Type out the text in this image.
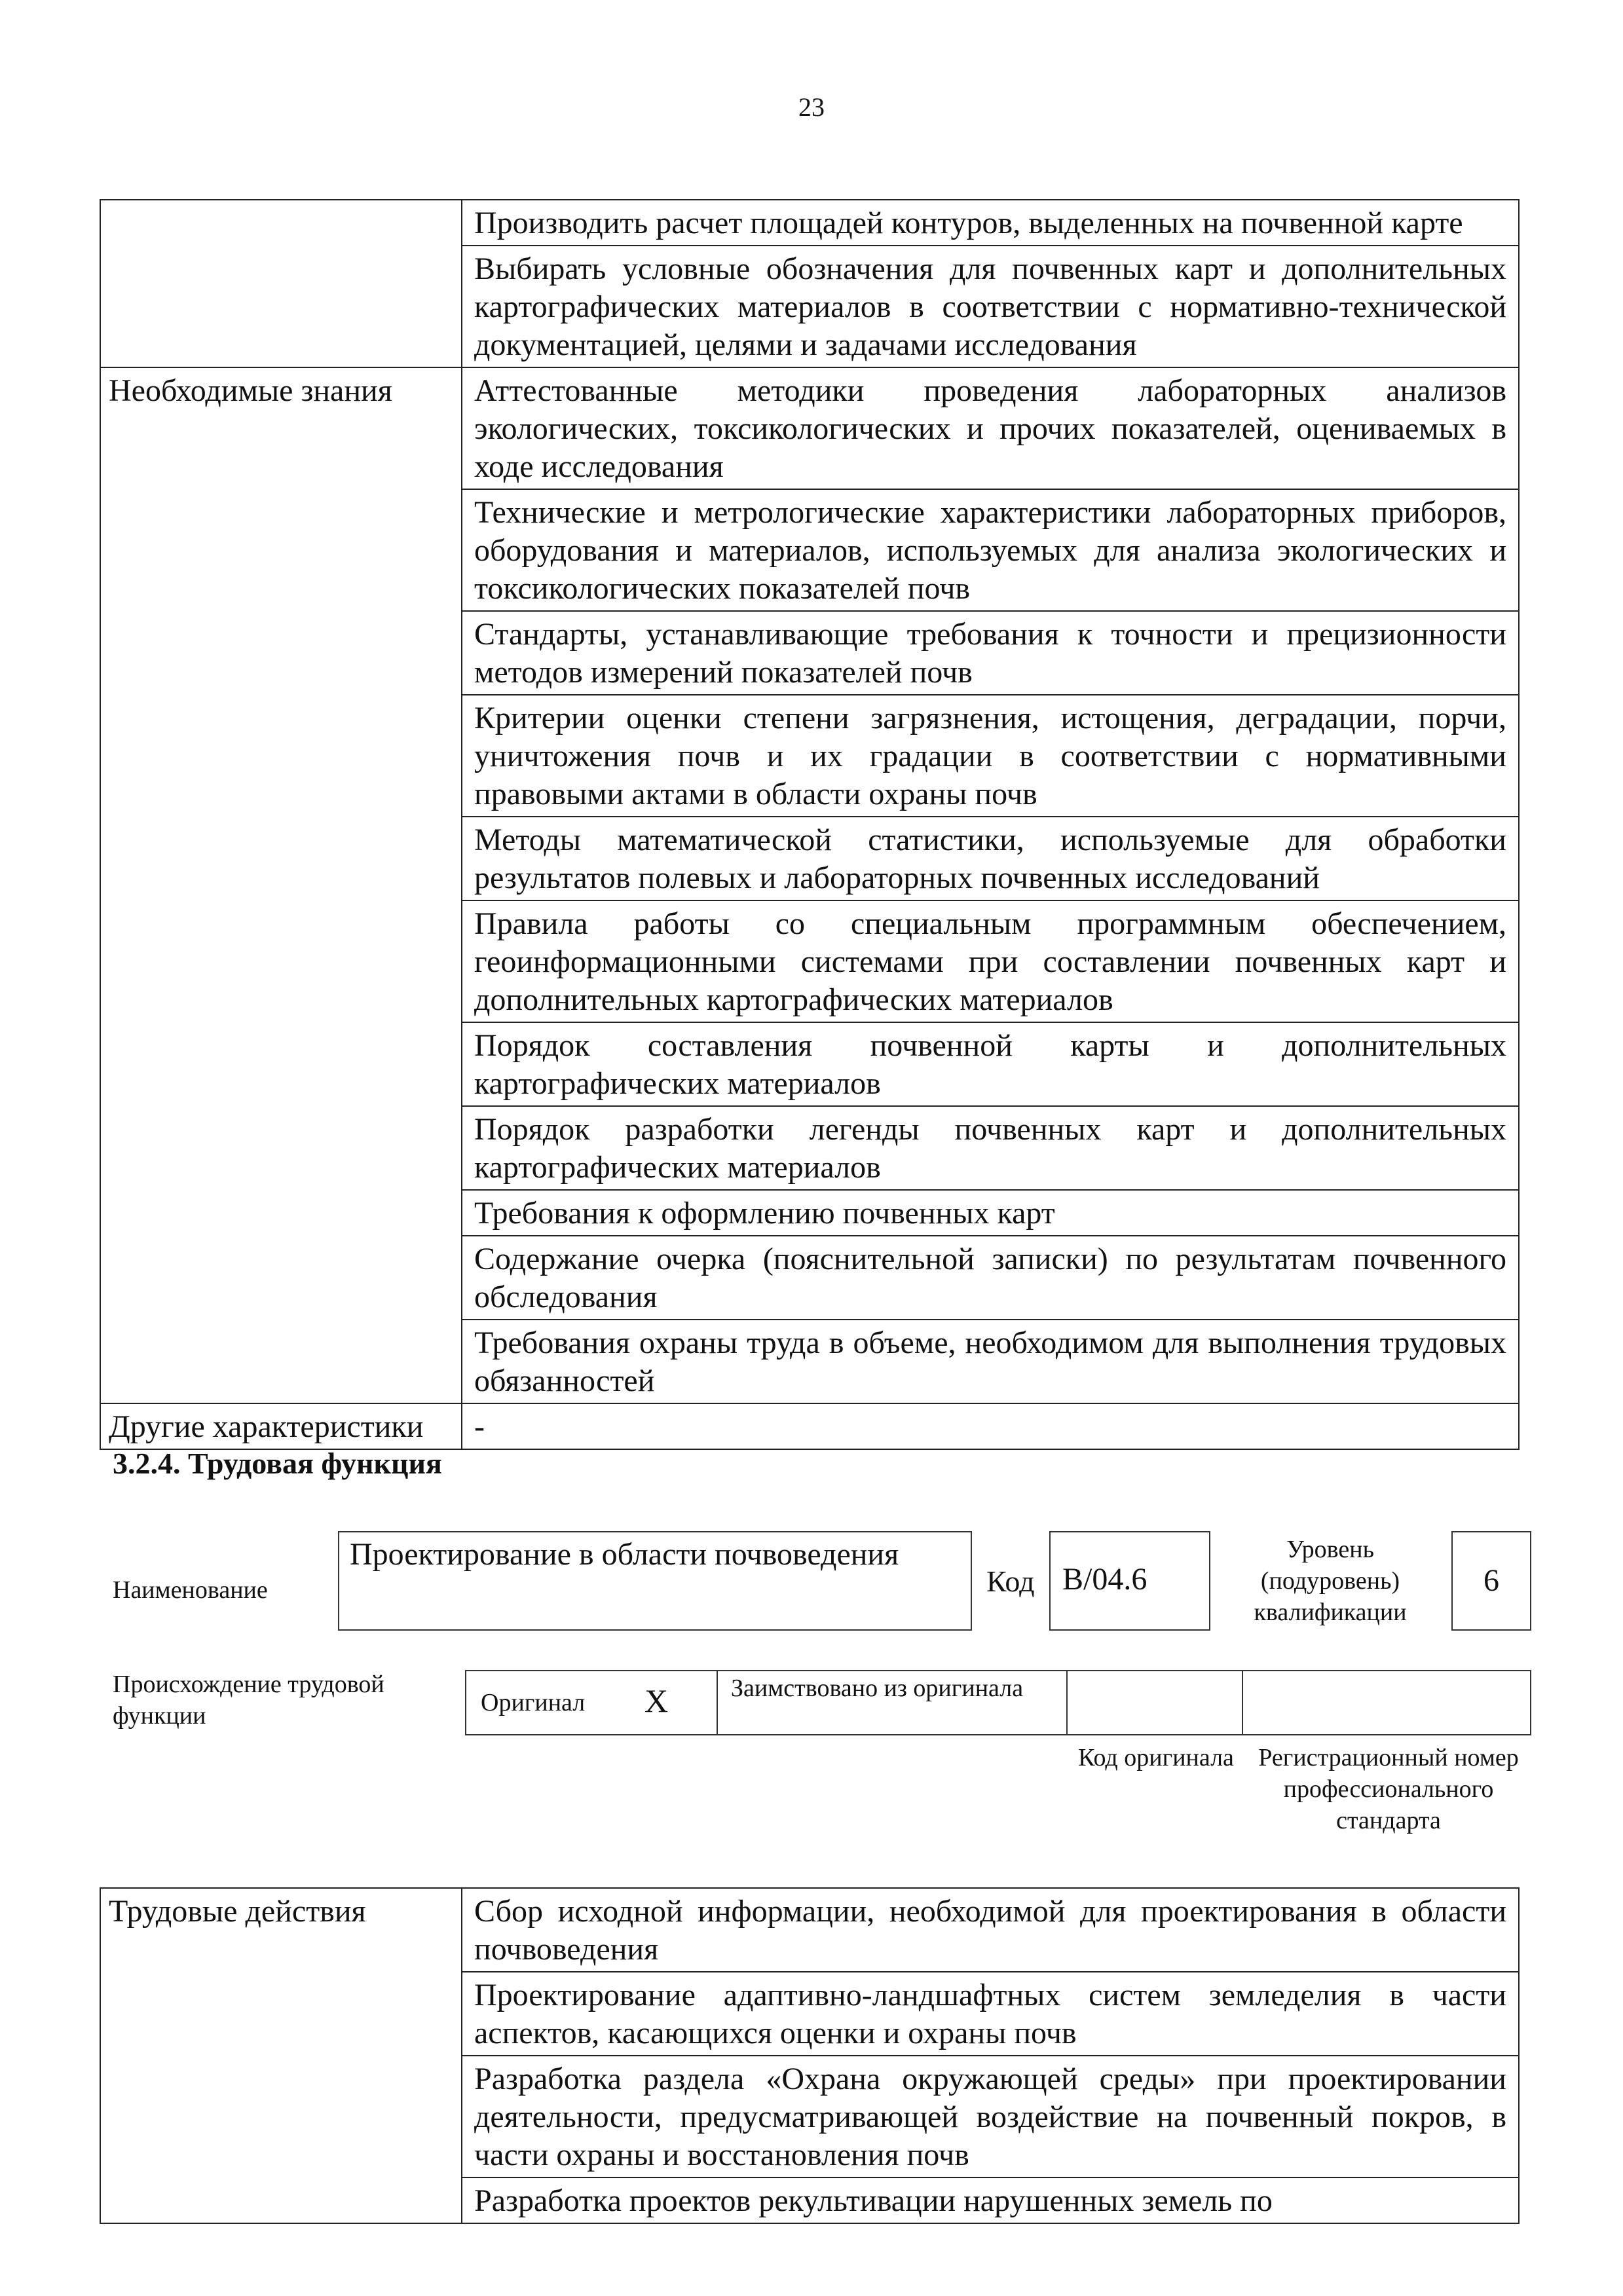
23
	Производить расчет площадей контуров, выделенных на почвенной карте
	Выбирать условные обозначения для почвенных карт и дополнительных картографических материалов в соответствии с нормативно-технической документацией, целями и задачами исследования
Необходимые знания	Аттестованные методики проведения лабораторных анализов экологических, токсикологических и прочих показателей, оцениваемых в ходе исследования
	Технические и метрологические характеристики лабораторных приборов, оборудования и материалов, используемых для анализа экологических и токсикологических показателей почв
	Стандарты, устанавливающие требования к точности и прецизионности методов измерений показателей почв
	Критерии оценки степени загрязнения, истощения, деградации, порчи, уничтожения почв и их градации в соответствии с нормативными правовыми актами в области охраны почв
	Методы математической статистики, используемые для обработки результатов полевых и лабораторных почвенных исследований
	Правила работы со специальным программным обеспечением, геоинформационными системами при составлении почвенных карт и дополнительных картографических материалов
	Порядок составления почвенной карты и дополнительных картографических материалов
	Порядок разработки легенды почвенных карт и дополнительных картографических материалов
	Требования к оформлению почвенных карт
	Содержание очерка (пояснительной записки) по результатам почвенного обследования
	Требования охраны труда в объеме, необходимом для выполнения трудовых обязанностей
Другие характеристики	-
3.2.4. Трудовая функция
Наименование
Проектирование в области почвоведения
Код B/04.6
Уровень (подуровень) квалификации
6
Происхождение трудовой функции	Оригинал X	Заимствовано из оригинала
Код оригинала Регистрационный номер профессионального стандарта
Трудовые действия	Сбор исходной информации, необходимой для проектирования в области почвоведения
Проектирование адаптивно-ландшафтных систем земледелия в части аспектов, касающихся оценки и охраны почв
Разработка раздела «Охрана окружающей среды» при проектировании деятельности, предусматривающей воздействие на почвенный покров, в части охраны и восстановления почв
Разработка проектов рекультивации нарушенных земель по
